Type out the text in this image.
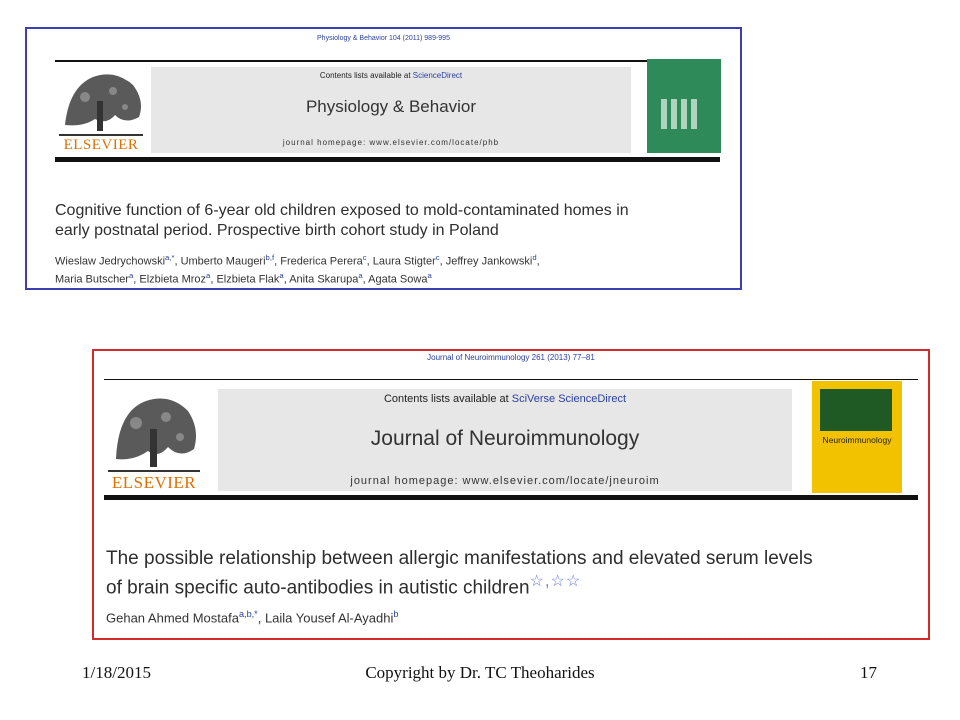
Physiology & Behavior 104 (2011) 989-995
ELSEVIER
Contents lists available at ScienceDirect
Physiology & Behavior
journal homepage: www.elsevier.com/locate/phb
Cognitive function of 6-year old children exposed to mold-contaminated homes in
early postnatal period. Prospective birth cohort study in Poland
Wieslaw Jedrychowski$^{a,*}$, Umberto Maugeri$^{b,f}$, Frederica Perera$^c$, Laura Stigter$^c$, Jeffrey Jankowski$^d$,
Maria Butscher$^a$, Elzbieta Mroz$^a$, Elzbieta Flak$^a$, Anita Skarupa$^a$, Agata Sowa$^a$
Journal of Neuroimmunology 261 (2013) 77–81
ELSEVIER
Contents lists available at SciVerse ScienceDirect
Journal of Neuroimmunology
journal homepage: www.elsevier.com/locate/jneuroim
Neuroimmunology
The possible relationship between allergic manifestations and elevated serum levels
of brain specific auto-antibodies in autistic children☆,☆☆
Gehan Ahmed Mostafa$^{a,b,*}$, Laila Yousef Al-Ayadhi$^b$
1/18/2015	Copyright by Dr. TC Theoharides	17
